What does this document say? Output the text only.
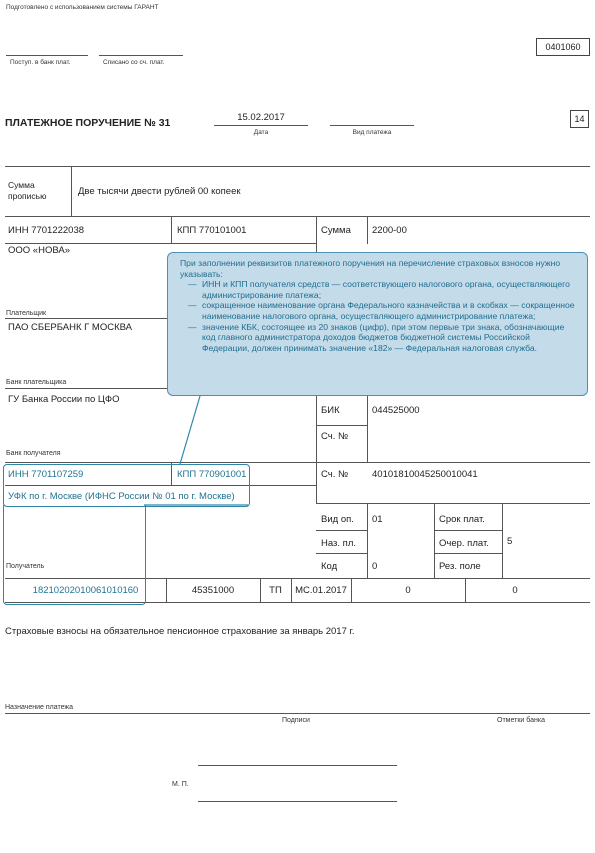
Подготовлено с использованием системы ГАРАНТ
0401060
Поступ. в банк плат.	Списано со сч. плат.
ПЛАТЕЖНОЕ ПОРУЧЕНИЕ № 31	15.02.2017
Дата	Вид платежа
14
Сумма прописью	Две тысячи двести рублей 00 копеек
ИНН 7701222038	КПП 770101001	Сумма 2200-00
ООО «НОВА»
Плательщик
ПАО СБЕРБАНК Г МОСКВА
Банк плательщика
ГУ Банка России по ЦФО
БИК	044525000
Сч. №
Банк получателя
ИНН 7701107259	КПП 770901001	Сч. №	40101810045250010041
УФК по г. Москве (ИФНС России № 01 по г. Москве)
Получатель
Вид оп. 01	Срок плат.
Наз. пл.	Очер. плат. 5
Код	0	Рез. поле
18210202010061010160	45351000	ТП	МС.01.2017	0	0
Страховые взносы на обязательное пенсионное страхование за январь 2017 г.
Назначение платежа
Подписи	Отметки банка
М. П.

При заполнении реквизитов платежного поручения на перечисление страховых взносов нужно указывать:

— ИНН и КПП получателя средств — соответствующего налогового органа, осуществляющего администрирование платежа;
— сокращенное наименование органа Федерального казначейства и в скобках — сокращенное наименование налогового органа, осуществляющего администрирование платежа;
— значение КБК, состоящее из 20 знаков (цифр), при этом первые три знака, обозначающие код главного администратора доходов бюджетов бюджетной системы Российской Федерации, должен принимать значение «182» — Федеральная налоговая служба.
